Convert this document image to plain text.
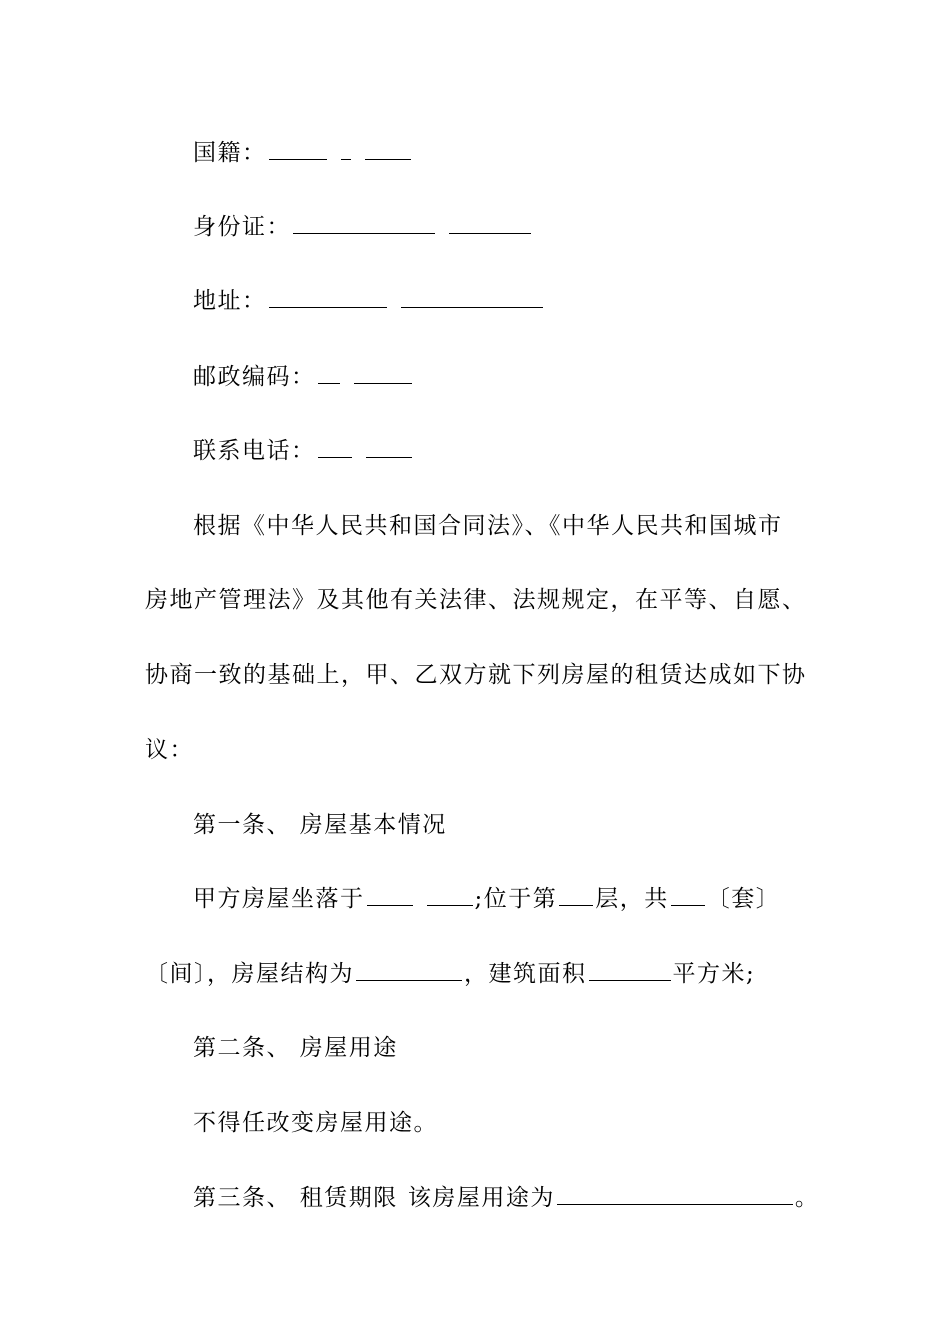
国籍：
身份证：
地址：
邮政编码：
联系电话：
根据《中华人民共和国合同法》、《中华人民共和国城市
房地产管理法》及其他有关法律、法规规定，在平等、自愿、
协商一致的基础上，甲、乙双方就下列房屋的租赁达成如下协
议：
第一条、 房屋基本情况
甲方房屋坐落于	;位于第 层，共 〔套〕
〔间〕，房屋结构为	，建筑面积	平方米;
第二条、 房屋用途
不得任改变房屋用途。
第三条、 租赁期限 该房屋用途为	。
